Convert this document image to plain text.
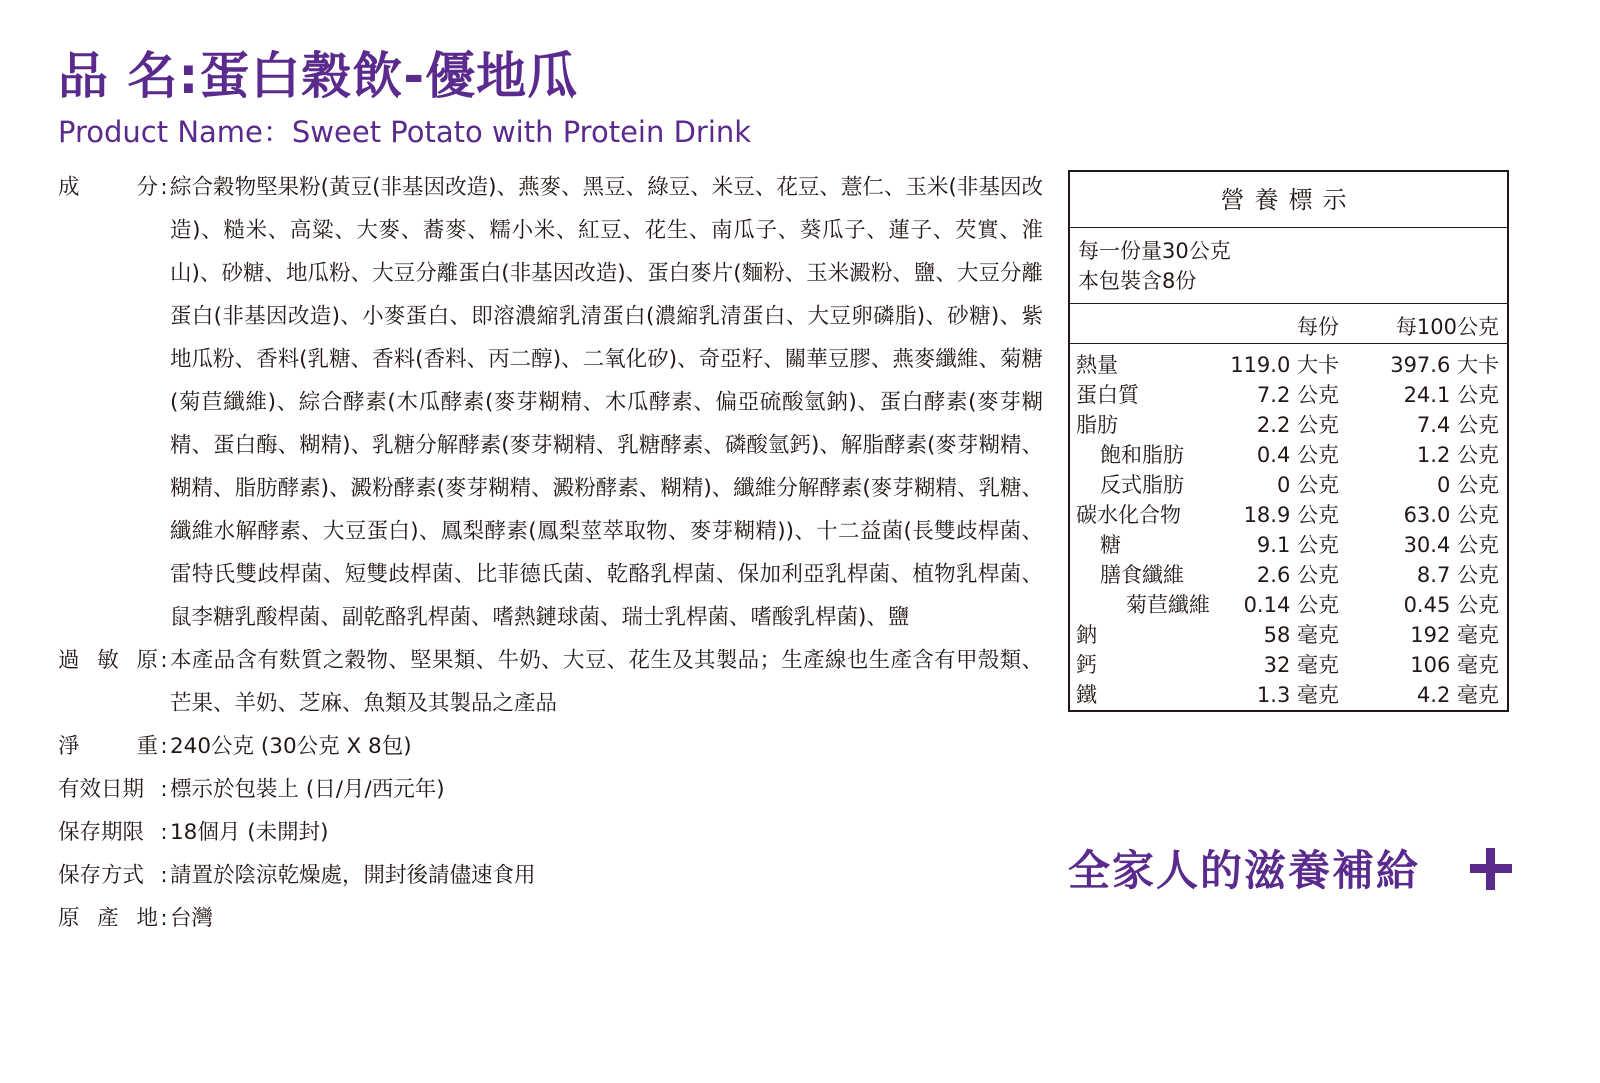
品 名:蛋白穀飲-優地瓜
Product Name：Sweet Potato with Protein Drink
成	分 : 綜合穀物堅果粉(黃豆(非基因改造)、燕麥、黑豆、綠豆、米豆、花豆、薏仁、玉米(非基因改造)、糙米、高粱、大麥、蕎麥、糯小米、紅豆、花生、南瓜子、葵瓜子、蓮子、芡實、淮山)、砂糖、地瓜粉、大豆分離蛋白(非基因改造)、蛋白麥片(麵粉、玉米澱粉、鹽、大豆分離蛋白(非基因改造)、小麥蛋白、即溶濃縮乳清蛋白(濃縮乳清蛋白、大豆卵磷脂)、砂糖)、紫地瓜粉、香料(乳糖、香料(香料、丙二醇)、二氧化矽)、奇亞籽、關華豆膠、燕麥纖維、菊糖(菊苣纖維)、綜合酵素(木瓜酵素(麥芽糊精、木瓜酵素、偏亞硫酸氫鈉)、蛋白酵素(麥芽糊精、蛋白酶、糊精)、乳糖分解酵素(麥芽糊精、乳糖酵素、磷酸氫鈣)、解脂酵素(麥芽糊精、糊精、脂肪酵素)、澱粉酵素(麥芽糊精、澱粉酵素、糊精)、纖維分解酵素(麥芽糊精、乳糖、纖維水解酵素、大豆蛋白)、鳳梨酵素(鳳梨莖萃取物、麥芽糊精))、十二益菌(長雙歧桿菌、雷特氏雙歧桿菌、短雙歧桿菌、比菲德氏菌、乾酪乳桿菌、保加利亞乳桿菌、植物乳桿菌、鼠李糖乳酸桿菌、副乾酪乳桿菌、嗜熱鏈球菌、瑞士乳桿菌、嗜酸乳桿菌)、鹽
過 敏 原 : 本產品含有麩質之穀物、堅果類、牛奶、大豆、花生及其製品；生產線也生產含有甲殼類、芒果、羊奶、芝麻、魚類及其製品之產品
淨	重 : 240公克 (30公克 X 8包)
有效日期 : 標示於包裝上 (日/月/西元年)
保存期限 : 18個月 (未開封)
保存方式 : 請置於陰涼乾燥處，開封後請儘速食用
原 產 地 : 台灣
營養標示
每一份量30公克
本包裝含8份
每份	每100公克
熱量	119.0 大卡 397.6 大卡
蛋白質	7.2 公克	24.1 公克
脂肪	2.2 公克	7.4 公克
飽和脂肪	0.4 公克	1.2 公克
反式脂肪	0 公克	0 公克
碳水化合物	18.9 公克	63.0 公克
糖	9.1 公克	30.4 公克
膳食纖維	2.6 公克	8.7 公克
菊苣纖維 0.14 公克	0.45 公克
鈉	58 毫克	192 毫克
鈣	32 毫克	106 毫克
鐵	1.3 毫克	4.2 毫克
全家人的滋養補給
